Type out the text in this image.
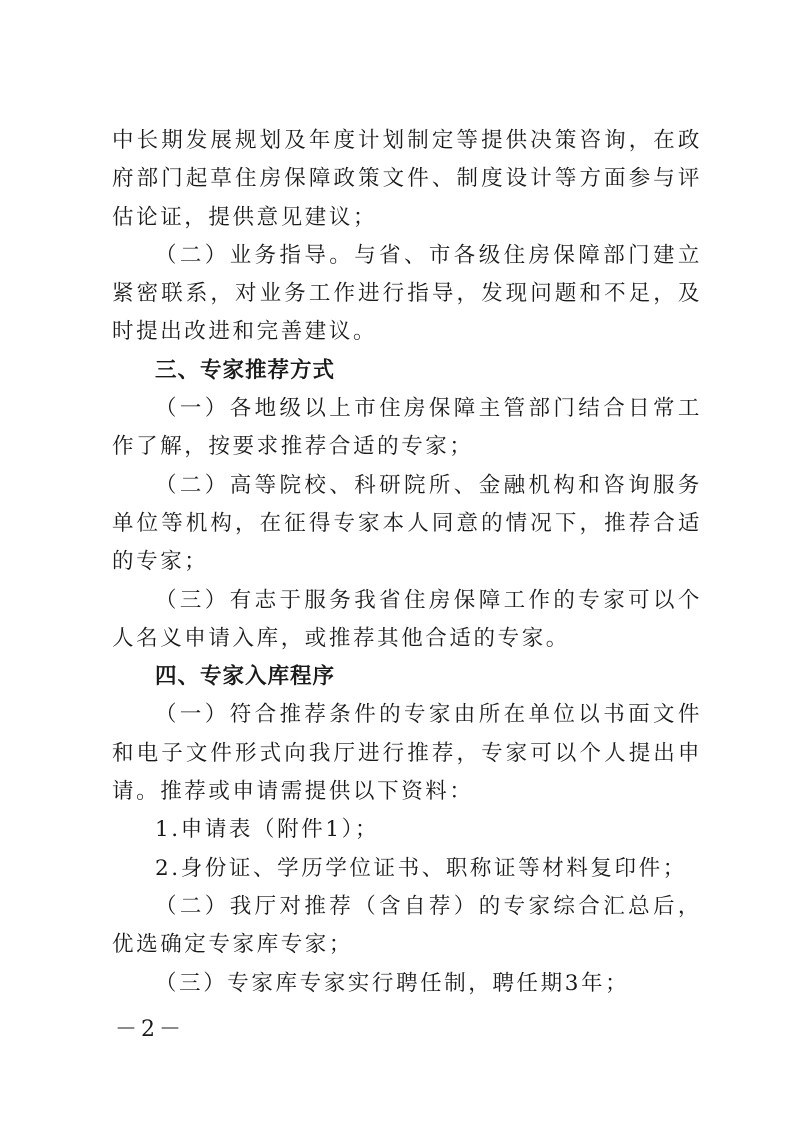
中长期发展规划及年度计划制定等提供决策咨询，在政府部门起草住房保障政策文件、制度设计等方面参与评估论证，提供意见建议；

（二）业务指导。与省、市各级住房保障部门建立紧密联系，对业务工作进行指导，发现问题和不足，及时提出改进和完善建议。

三、专家推荐方式

（一）各地级以上市住房保障主管部门结合日常工作了解，按要求推荐合适的专家；

（二）高等院校、科研院所、金融机构和咨询服务单位等机构，在征得专家本人同意的情况下，推荐合适的专家；

（三）有志于服务我省住房保障工作的专家可以个人名义申请入库，或推荐其他合适的专家。

四、专家入库程序

（一）符合推荐条件的专家由所在单位以书面文件和电子文件形式向我厅进行推荐，专家可以个人提出申请。推荐或申请需提供以下资料：

1.申请表（附件1）；

2.身份证、学历学位证书、职称证等材料复印件；

（二）我厅对推荐（含自荐）的专家综合汇总后，优选确定专家库专家；

（三）专家库专家实行聘任制，聘任期3年；

－2－
